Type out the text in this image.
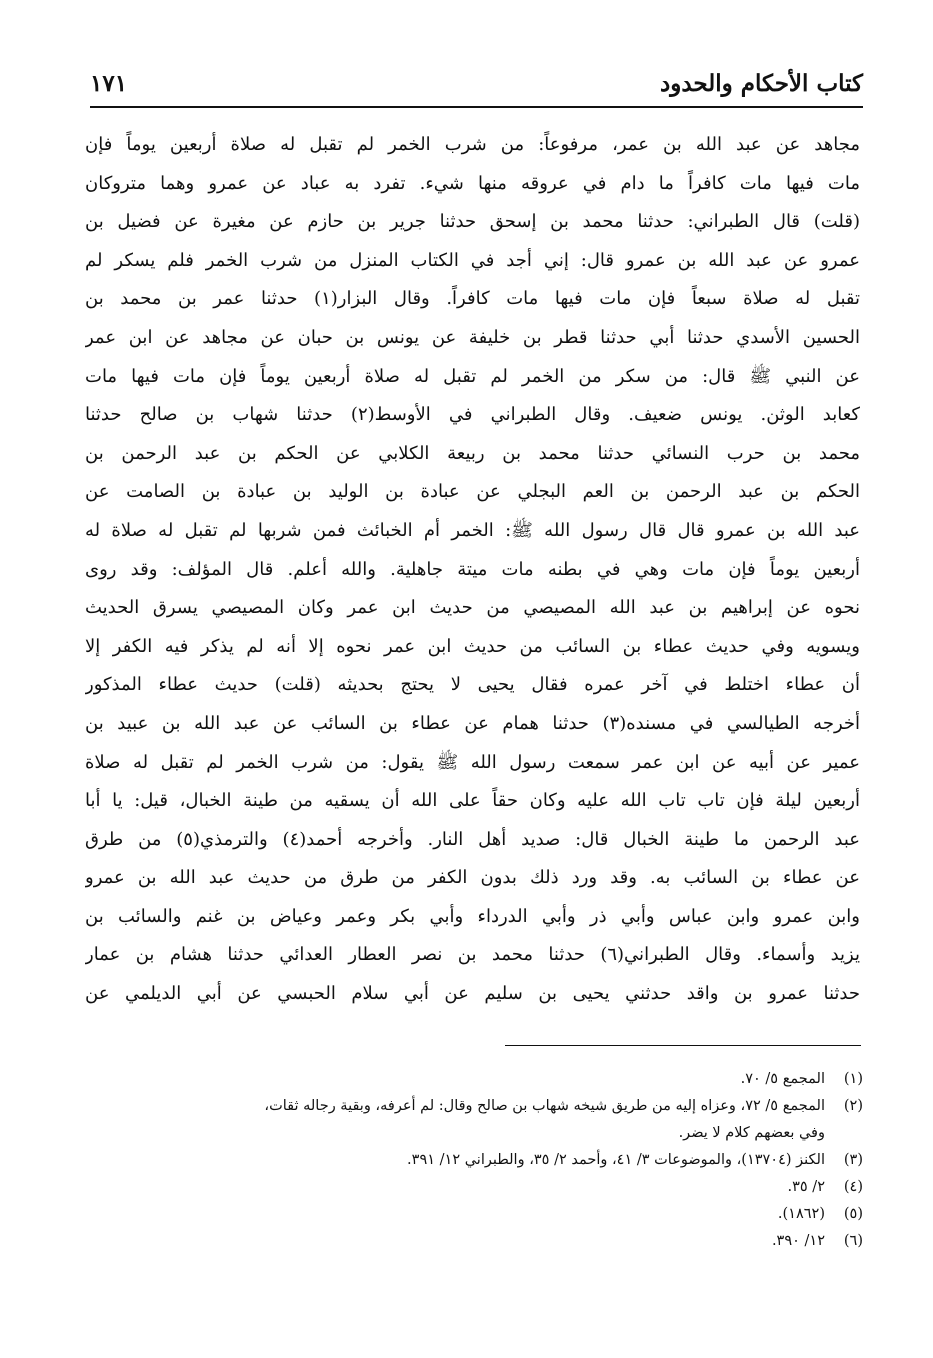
كتاب الأحكام والحدود
١٧١
مجاهد عن عبد الله بن عمر، مرفوعاً: من شرب الخمر لم تقبل له صلاة أربعين يوماً فإن
مات فيها مات كافراً ما دام في عروقه منها شيء. تفرد به عباد عن عمرو وهما متروكان
(قلت) قال الطبراني: حدثنا محمد بن إسحق حدثنا جرير بن حازم عن مغيرة عن فضيل بن
عمرو عن عبد الله بن عمرو قال: إني أجد في الكتاب المنزل من شرب الخمر فلم يسكر لم
تقبل له صلاة سبعاً فإن مات فيها مات كافراً. وقال البزار(١) حدثنا عمر بن محمد بن
الحسين الأسدي حدثنا أبي حدثنا قطر بن خليفة عن يونس بن حبان عن مجاهد عن ابن عمر
عن النبي ﷺ قال: من سكر من الخمر لم تقبل له صلاة أربعين يوماً فإن مات فيها مات
كعابد الوثن. يونس ضعيف. وقال الطبراني في الأوسط(٢) حدثنا شهاب بن صالح حدثنا
محمد بن حرب النسائي حدثنا محمد بن ربيعة الكلابي عن الحكم بن عبد الرحمن بن
الحكم بن عبد الرحمن بن العم البجلي عن عبادة بن الوليد بن عبادة بن الصامت عن
عبد الله بن عمرو قال قال رسول الله ﷺ: الخمر أم الخبائث فمن شربها لم تقبل له صلاة له
أربعين يوماً فإن مات وهي في بطنه مات ميتة جاهلية. والله أعلم. قال المؤلف: وقد روى
نحوه عن إبراهيم بن عبد الله المصيصي من حديث ابن عمر وكان المصيصي يسرق الحديث
ويسويه وفي حديث عطاء بن السائب من حديث ابن عمر نحوه إلا أنه لم يذكر فيه الكفر إلا
أن عطاء اختلط في آخر عمره فقال يحيى لا يحتج بحديثه (قلت) حديث عطاء المذكور
أخرجه الطيالسي في مسنده(٣) حدثنا همام عن عطاء بن السائب عن عبد الله بن عبيد بن
عمير عن أبيه عن ابن عمر سمعت رسول الله ﷺ يقول: من شرب الخمر لم تقبل له صلاة
أربعين ليلة فإن تاب تاب الله عليه وكان حقاً على الله أن يسقيه من طينة الخبال، قيل: يا أبا
عبد الرحمن ما طينة الخبال قال: صديد أهل النار. وأخرجه أحمد(٤) والترمذي(٥) من طرق
عن عطاء بن السائب به. وقد ورد ذلك بدون الكفر من طرق من حديث عبد الله بن عمرو
وابن عمرو وابن عباس وأبي ذر وأبي الدرداء وأبي بكر وعمر وعياض بن غنم والسائب بن
يزيد وأسماء. وقال الطبراني(٦) حدثنا محمد بن نصر العطار العدائي حدثنا هشام بن عمار
حدثنا عمرو بن واقد حدثني يحيى بن سليم عن أبي سلام الحبسي عن أبي الديلمي عن
(١)
المجمع ٥/ ٧٠.
(٢)
المجمع ٥/ ٧٢، وعزاه إليه من طريق شيخه شهاب بن صالح وقال: لم أعرفه، وبقية رجاله ثقات،
وفي بعضهم كلام لا يضر.
(٣)
الكنز (١٣٧٠٤)، والموضوعات ٣/ ٤١، وأحمد ٢/ ٣٥، والطبراني ١٢/ ٣٩١.
(٤)
٢/ ٣٥.
(٥)
(١٨٦٢).
(٦)
١٢/ ٣٩٠.
